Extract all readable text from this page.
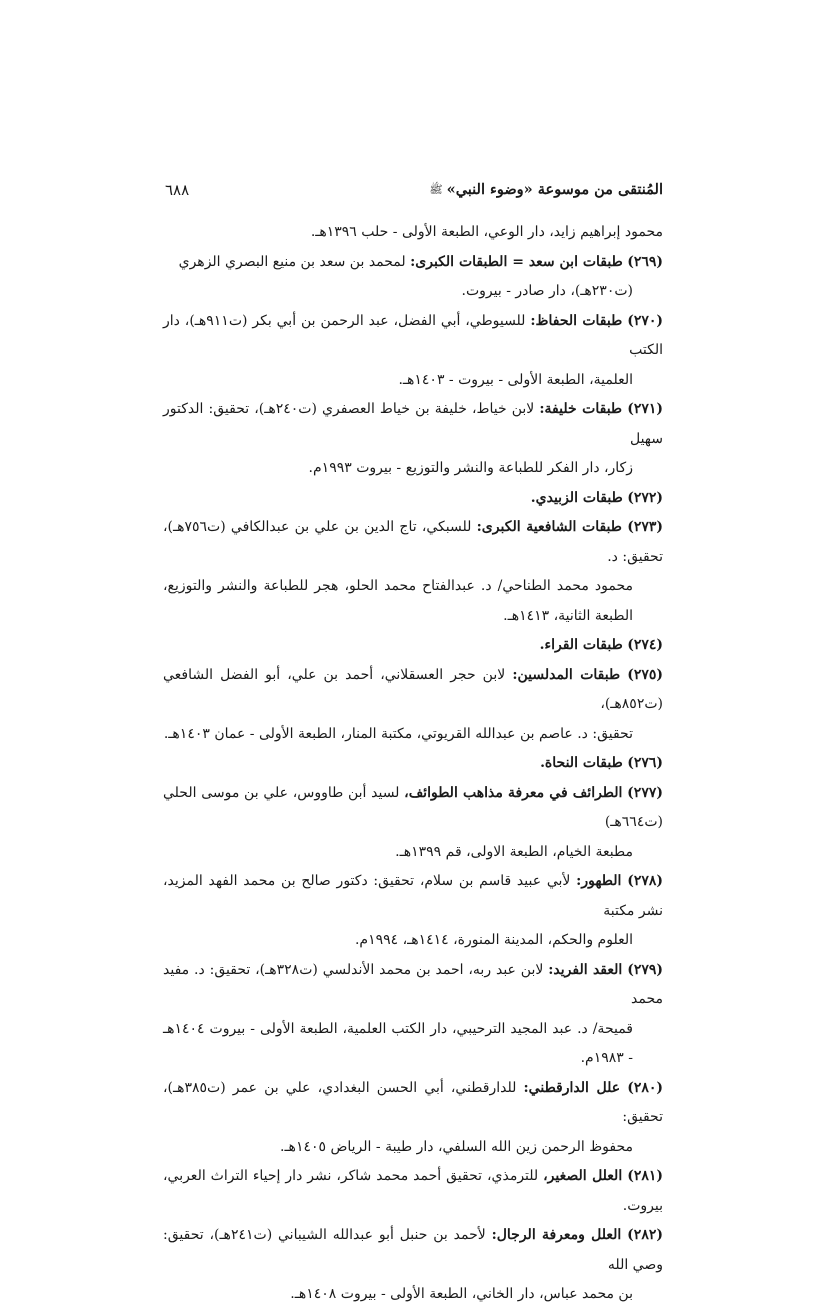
المُنتقى من موسوعة «وضوء النبي»
ﷺ
٦٨٨

محمود إبراهيم زايد، دار الوعي، الطبعة الأولى - حلب ١٣٩٦هـ.

(٢٦٩) طبقات ابن سعد = الطبقات الكبرى: لمحمد بن سعد بن منيع البصري الزهري
(ت٢٣٠هـ)، دار صادر - بيروت.

(٢٧٠) طبقات الحفاظ: للسيوطي، أبي الفضل، عبد الرحمن بن أبي بكر (ت٩١١هـ)، دار الكتب
العلمية، الطبعة الأولى - بيروت - ١٤٠٣هـ.

(٢٧١) طبقات خليفة: لابن خياط، خليفة بن خياط العصفري (ت٢٤٠هـ)، تحقيق: الدكتور سهيل
زكار، دار الفكر للطباعة والنشر والتوزيع - بيروت ١٩٩٣م.

(٢٧٢) طبقات الزبيدي.

(٢٧٣) طبقات الشافعية الكبرى: للسبكي، تاج الدين بن علي بن عبدالكافي (ت٧٥٦هـ)، تحقيق: د.
محمود محمد الطناحي/ د. عبدالفتاح محمد الحلو، هجر للطباعة والنشر والتوزيع، الطبعة الثانية، ١٤١٣هـ.

(٢٧٤) طبقات القراء.

(٢٧٥) طبقات المدلسين: لابن حجر العسقلاني، أحمد بن علي، أبو الفضل الشافعي (ت٨٥٢هـ)،
تحقيق: د. عاصم بن عبدالله القريوتي، مكتبة المنار، الطبعة الأولى - عمان ١٤٠٣هـ.

(٢٧٦) طبقات النحاة.

(٢٧٧) الطرائف في معرفة مذاهب الطوائف، لسيد أبن طاووس، علي بن موسى الحلي (ت٦٦٤هـ)
مطبعة الخيام، الطبعة الاولى، قم ١٣٩٩هـ.

(٢٧٨) الطهور: لأبي عبيد قاسم بن سلام، تحقيق: دكتور صالح بن محمد الفهد المزيد، نشر مكتبة
العلوم والحكم، المدينة المنورة، ١٤١٤هـ، ١٩٩٤م.

(٢٧٩) العقد الفريد: لابن عبد ربه، احمد بن محمد الأندلسي (ت٣٢٨هـ)، تحقيق: د. مفيد محمد
قميحة/ د. عبد المجيد الترحيبي، دار الكتب العلمية، الطبعة الأولى - بيروت ١٤٠٤هـ - ١٩٨٣م.

(٢٨٠) علل الدارقطني: للدارقطني، أبي الحسن البغدادي، علي بن عمر (ت٣٨٥هـ)، تحقيق:
محفوظ الرحمن زين الله السلفي، دار طيبة - الرياض ١٤٠٥هـ.

(٢٨١) العلل الصغير، للترمذي، تحقيق أحمد محمد شاكر، نشر دار إحياء التراث العربي، بيروت.

(٢٨٢) العلل ومعرفة الرجال: لأحمد بن حنبل أبو عبدالله الشيباني (ت٢٤١هـ)، تحقيق: وصي الله
بن محمد عباس، دار الخاني، الطبعة الأولى - بيروت ١٤٠٨هـ.
